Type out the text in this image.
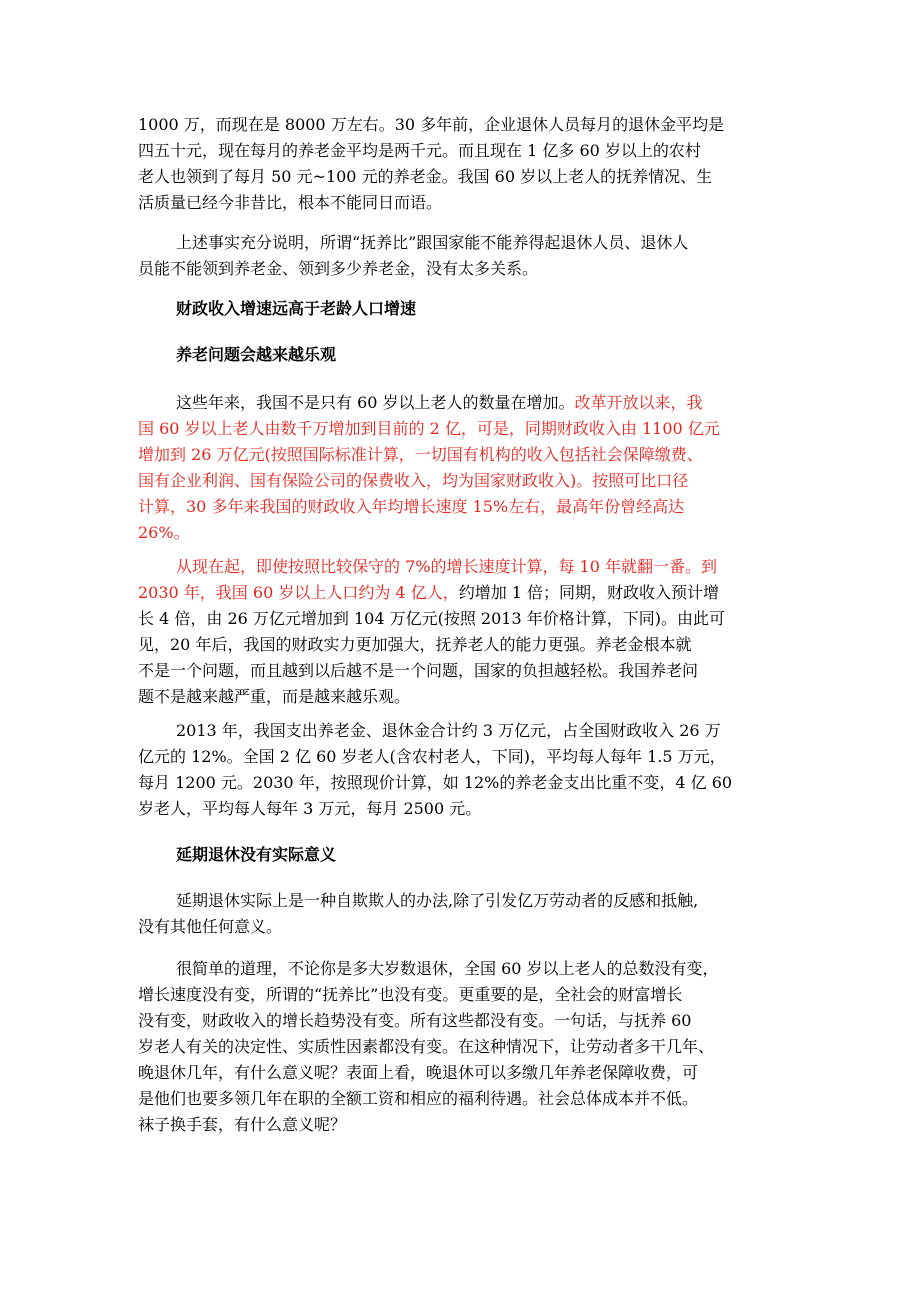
1000 万，而现在是 8000 万左右。30 多年前，企业退休人员每月的退休金平均是
四五十元，现在每月的养老金平均是两千元。而且现在 1 亿多 60 岁以上的农村
老人也领到了每月 50 元~100 元的养老金。我国 60 岁以上老人的抚养情况、生
活质量已经今非昔比，根本不能同日而语。
上述事实充分说明，所谓“抚养比”跟国家能不能养得起退休人员、退休人
员能不能领到养老金、领到多少养老金，没有太多关系。
财政收入增速远高于老龄人口增速
养老问题会越来越乐观
这些年来，我国不是只有 60 岁以上老人的数量在增加。改革开放以来，我
国 60 岁以上老人由数千万增加到目前的 2 亿，可是，同期财政收入由 1100 亿元
增加到 26 万亿元(按照国际标准计算，一切国有机构的收入包括社会保障缴费、
国有企业利润、国有保险公司的保费收入，均为国家财政收入)。按照可比口径
计算，30 多年来我国的财政收入年均增长速度 15%左右，最高年份曾经高达
26%。
从现在起，即使按照比较保守的 7%的增长速度计算，每 10 年就翻一番。到
2030 年，我国 60 岁以上人口约为 4 亿人，约增加 1 倍；同期，财政收入预计增
长 4 倍，由 26 万亿元增加到 104 万亿元(按照 2013 年价格计算，下同)。由此可
见，20 年后，我国的财政实力更加强大，抚养老人的能力更强。养老金根本就
不是一个问题，而且越到以后越不是一个问题，国家的负担越轻松。我国养老问
题不是越来越严重，而是越来越乐观。
2013 年，我国支出养老金、退休金合计约 3 万亿元，占全国财政收入 26 万
亿元的 12%。全国 2 亿 60 岁老人(含农村老人，下同)，平均每人每年 1.5 万元，
每月 1200 元。2030 年，按照现价计算，如 12%的养老金支出比重不变，4 亿 60
岁老人，平均每人每年 3 万元，每月 2500 元。
延期退休没有实际意义
延期退休实际上是一种自欺欺人的办法,除了引发亿万劳动者的反感和抵触,
没有其他任何意义。
很简单的道理，不论你是多大岁数退休，全国 60 岁以上老人的总数没有变，
增长速度没有变，所谓的“抚养比”也没有变。更重要的是，全社会的财富增长
没有变，财政收入的增长趋势没有变。所有这些都没有变。一句话，与抚养 60
岁老人有关的决定性、实质性因素都没有变。在这种情况下，让劳动者多干几年、
晚退休几年，有什么意义呢？表面上看，晚退休可以多缴几年养老保障收费，可
是他们也要多领几年在职的全额工资和相应的福利待遇。社会总体成本并不低。
袜子换手套，有什么意义呢？
